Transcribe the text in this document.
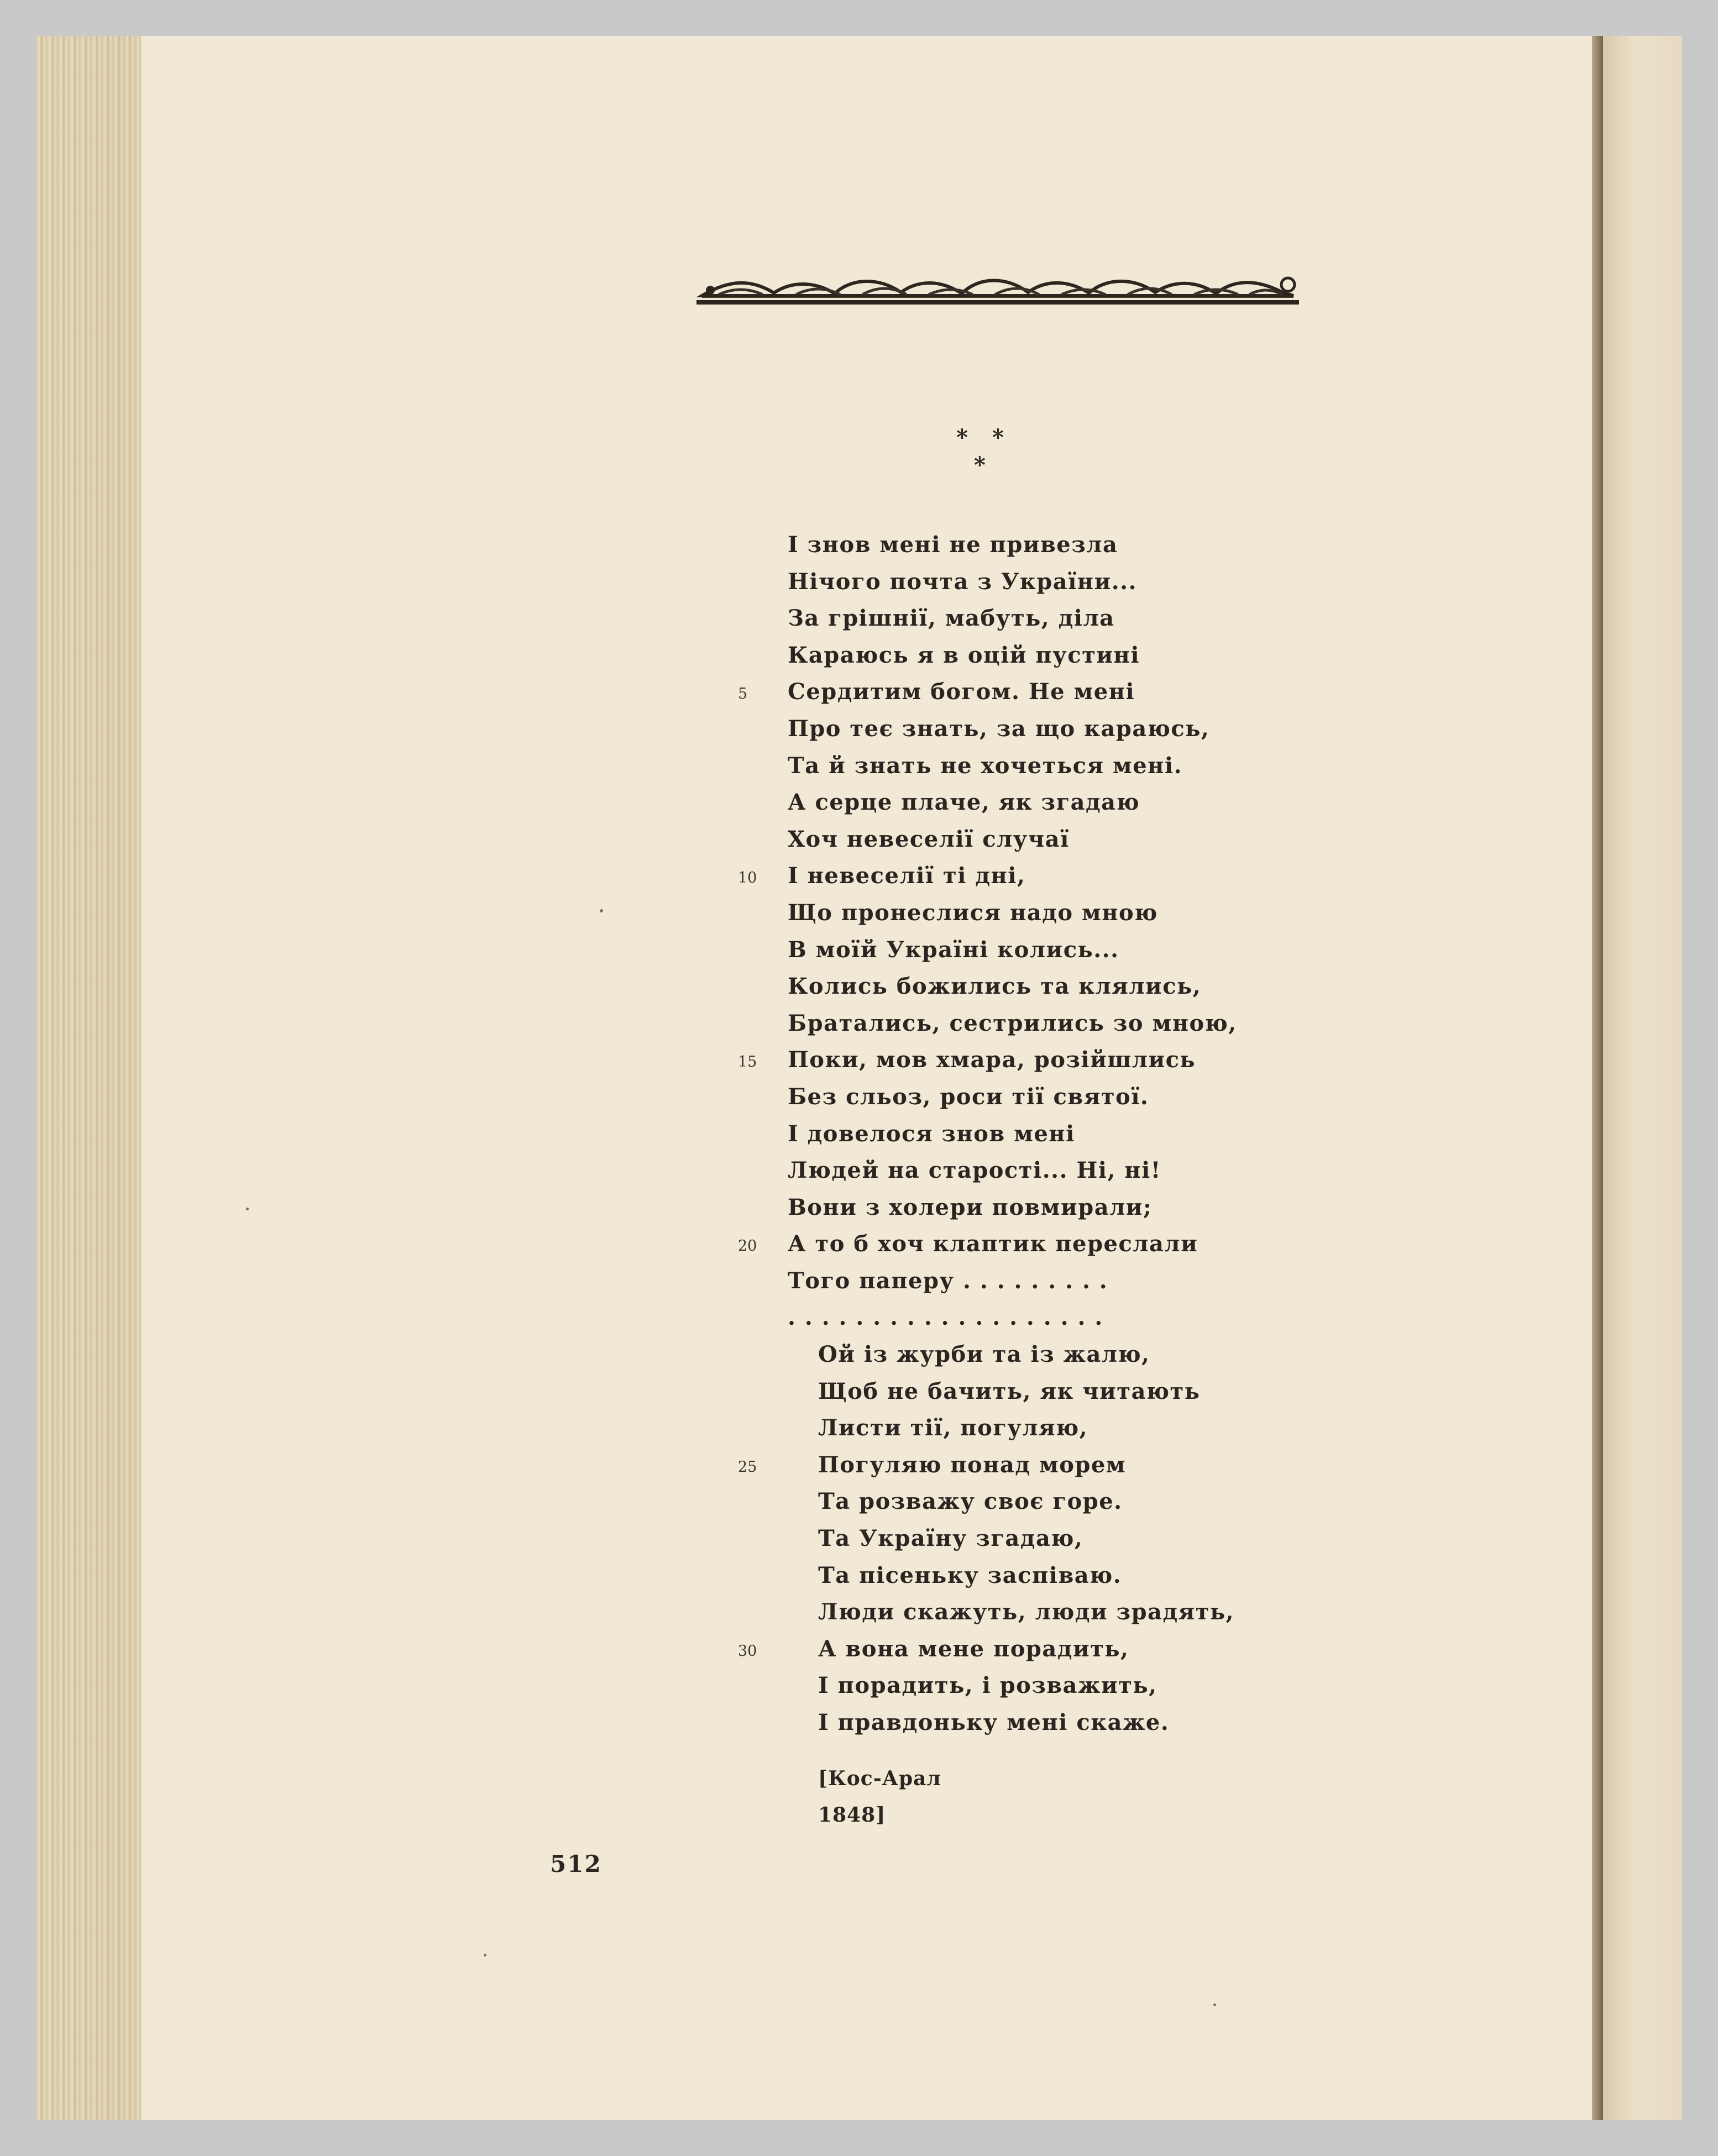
* *
*
І знов мені не привезла
Нічого почта з України...
За грішнії, мабуть, діла
Караюсь я в оцій пустині
5 Сердитим богом. Не мені
Про теє знать, за що караюсь,
Та й знать не хочеться мені.
А серце плаче, як згадаю
Хоч невеселії случаї
10 І невеселії ті дні,
Що пронеслися надо мною
В моїй Україні колись...
Колись божились та клялись,
Братались, сестрились зо мною,
15 Поки, мов хмара, розійшлись
Без сльоз, роси тії святої.
І довелося знов мені
Людей на старості... Ні, ні!
Вони з холери повмирали;
20 А то б хоч клаптик переслали
Того паперу . . . . . . . . .
. . . . . . . . . . . . . . . . . . .
Ой із журби та із жалю,
Щоб не бачить, як читають
Листи тії, погуляю,
25	Погуляю понад морем
Та розважу своє горе.
Та Україну згадаю,
Та пісеньку заспіваю.
Люди скажуть, люди зрадять,
30	А вона мене порадить,
І порадить, і розважить,
І правдоньку мені скаже.
[Кос-Арал
1848]
512
